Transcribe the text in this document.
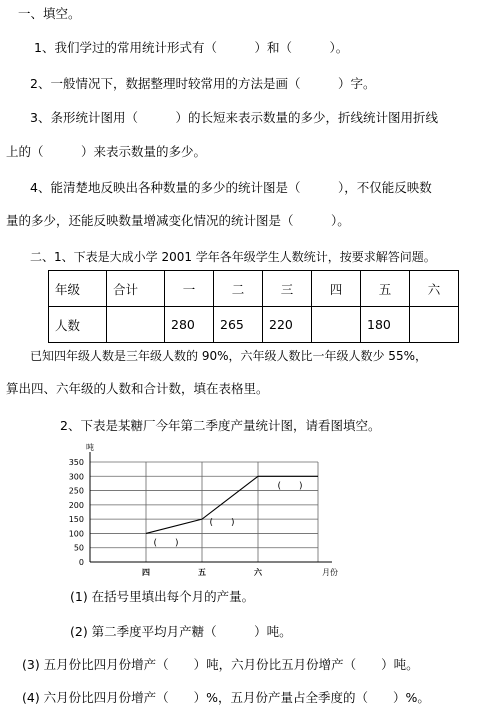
一、填空。
1、我们学过的常用统计形式有（　　　）和（　　　）。
2、一般情况下，数据整理时较常用的方法是画（　　　）字。
3、条形统计图用（　　　）的长短来表示数量的多少，折线统计图用折线
上的（　　　）来表示数量的多少。
4、能清楚地反映出各种数量的多少的统计图是（　　　），不仅能反映数
量的多少，还能反映数量增减变化情况的统计图是（　　　）。
二、1、下表是大成小学 2001 学年各年级学生人数统计，按要求解答问题。
年级	合计	一	二	三	四	五	六
人数		280	265	220		180	
已知四年级人数是三年级人数的 90%，六年级人数比一年级人数少 55%，
算出四、六年级的人数和合计数，填在表格里。
2、下表是某糖厂今年第二季度产量统计图，请看图填空。
0
50
100
150
200
250
300
350
吨
四	五	六	月份
(　　)
(　　)
(　　)
(1) 在括号里填出每个月的产量。
(2) 第二季度平均月产糖（　　　）吨。
(3) 五月份比四月份增产（　　）吨，六月份比五月份增产（　　）吨。
(4) 六月份比四月份增产（　　）%，五月份产量占全季度的（　　）%。
